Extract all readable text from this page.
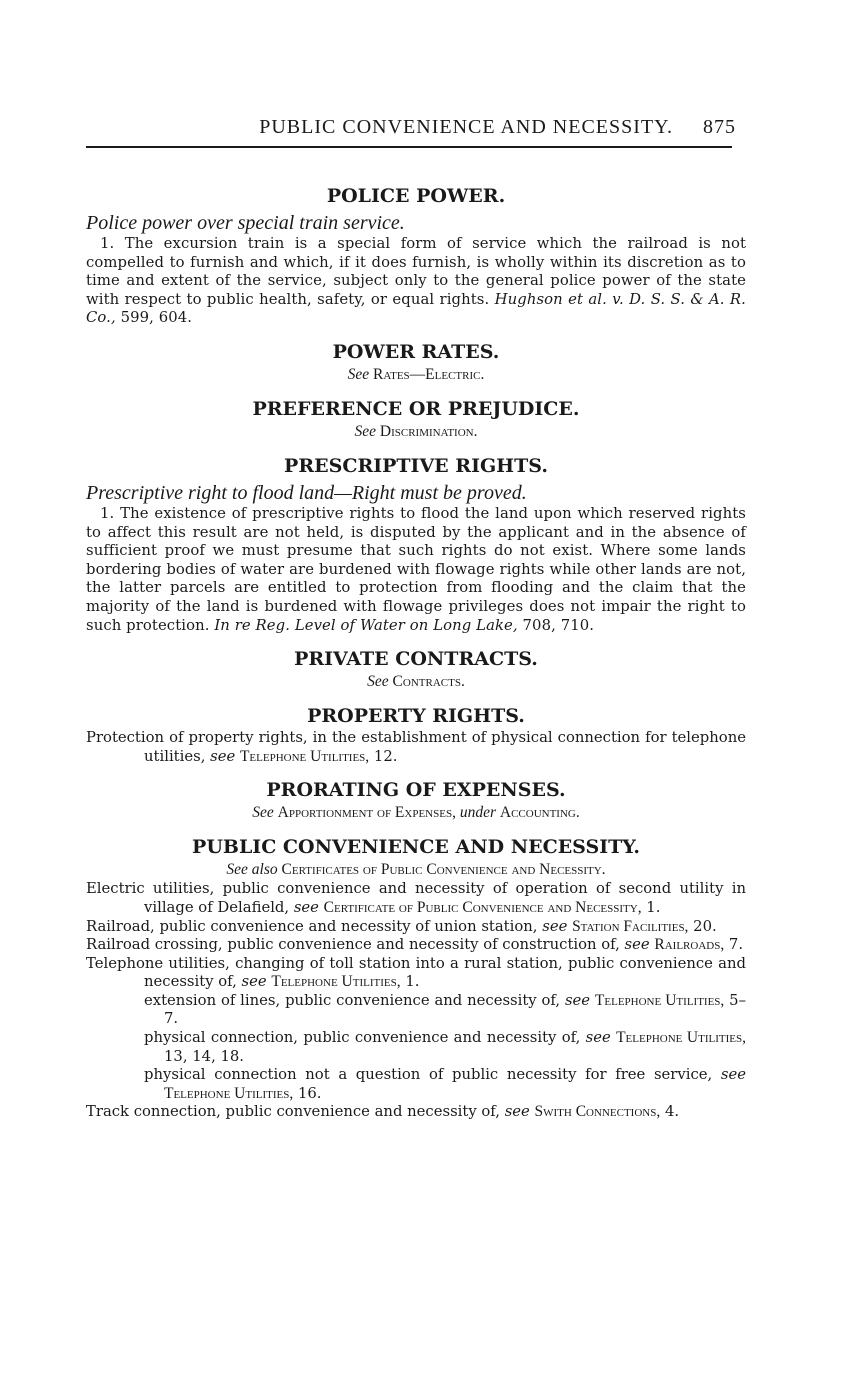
PUBLIC CONVENIENCE AND NECESSITY. 875
POLICE POWER.

Police power over special train service.

1. The excursion train is a special form of service which the railroad is not compelled to furnish and which, if it does furnish, is wholly within its discretion as to time and extent of the service, subject only to the general police power of the state with respect to public health, safety, or equal rights. Hughson et al. v. D. S. S. & A. R. Co., 599, 604.

POWER RATES.

See Rates—Electric.

PREFERENCE OR PREJUDICE.

See Discrimination.

PRESCRIPTIVE RIGHTS.

Prescriptive right to flood land—Right must be proved.

1. The existence of prescriptive rights to flood the land upon which reserved rights to affect this result are not held, is disputed by the applicant and in the absence of sufficient proof we must presume that such rights do not exist. Where some lands bordering bodies of water are burdened with flowage rights while other lands are not, the latter parcels are entitled to protection from flooding and the claim that the majority of the land is burdened with flowage privileges does not impair the right to such protection. In re Reg. Level of Water on Long Lake, 708, 710.

PRIVATE CONTRACTS.

See Contracts.

PROPERTY RIGHTS.

Protection of property rights, in the establishment of physical connection for telephone utilities, see Telephone Utilities, 12.

PRORATING OF EXPENSES.

See Apportionment of Expenses, under Accounting.

PUBLIC CONVENIENCE AND NECESSITY.

See also Certificates of Public Convenience and Necessity.

Electric utilities, public convenience and necessity of operation of second utility in village of Delafield, see Certificate of Public Convenience and Necessity, 1.

Railroad, public convenience and necessity of union station, see Station Facilities, 20.

Railroad crossing, public convenience and necessity of construction of, see Railroads, 7.

Telephone utilities, changing of toll station into a rural station, public convenience and necessity of, see Telephone Utilities, 1.

extension of lines, public convenience and necessity of, see Telephone Utilities, 5–7.

physical connection, public convenience and necessity of, see Telephone Utilities, 13, 14, 18.

physical connection not a question of public necessity for free service, see Telephone Utilities, 16.

Track connection, public convenience and necessity of, see Swith Connections, 4.
